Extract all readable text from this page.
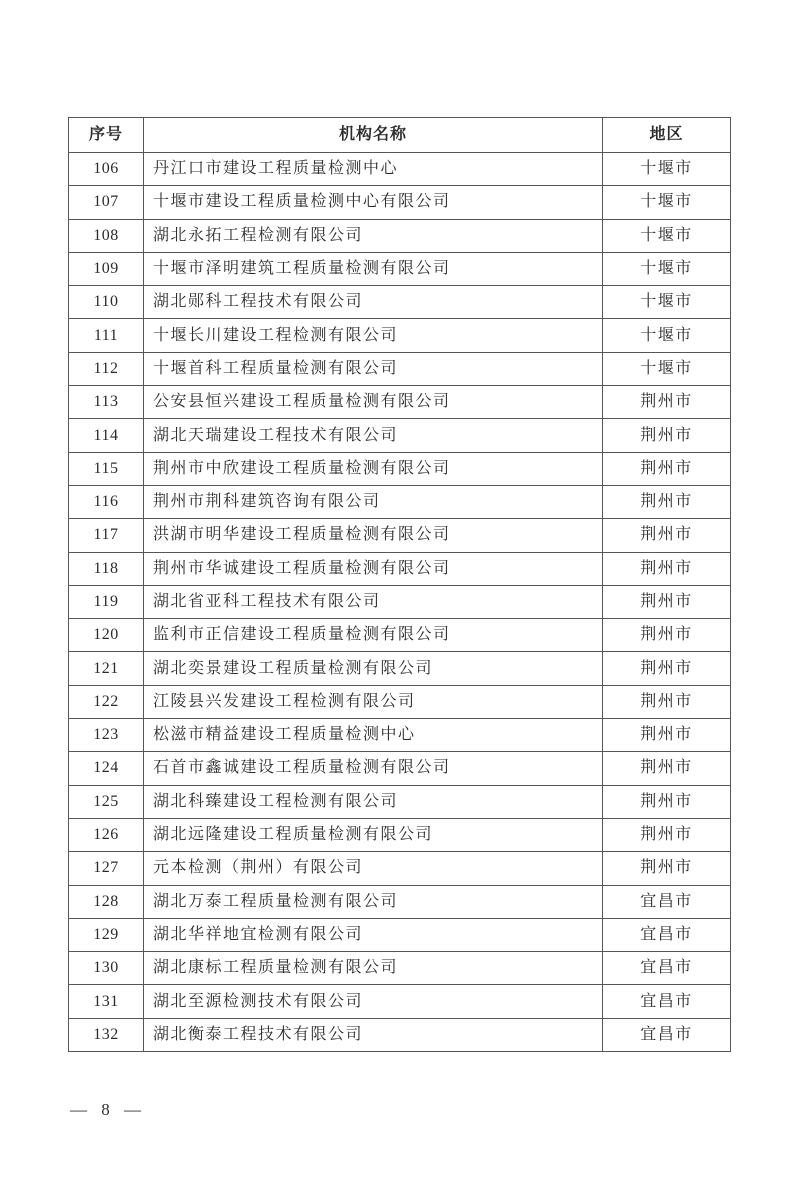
序号	机构名称	地区
106	丹江口市建设工程质量检测中心	十堰市
107	十堰市建设工程质量检测中心有限公司	十堰市
108	湖北永拓工程检测有限公司	十堰市
109	十堰市泽明建筑工程质量检测有限公司	十堰市
110	湖北郧科工程技术有限公司	十堰市
111	十堰长川建设工程检测有限公司	十堰市
112	十堰首科工程质量检测有限公司	十堰市
113	公安县恒兴建设工程质量检测有限公司	荆州市
114	湖北天瑞建设工程技术有限公司	荆州市
115	荆州市中欣建设工程质量检测有限公司	荆州市
116	荆州市荆科建筑咨询有限公司	荆州市
117	洪湖市明华建设工程质量检测有限公司	荆州市
118	荆州市华诚建设工程质量检测有限公司	荆州市
119	湖北省亚科工程技术有限公司	荆州市
120	监利市正信建设工程质量检测有限公司	荆州市
121	湖北奕景建设工程质量检测有限公司	荆州市
122	江陵县兴发建设工程检测有限公司	荆州市
123	松滋市精益建设工程质量检测中心	荆州市
124	石首市鑫诚建设工程质量检测有限公司	荆州市
125	湖北科臻建设工程检测有限公司	荆州市
126	湖北远隆建设工程质量检测有限公司	荆州市
127	元本检测（荆州）有限公司	荆州市
128	湖北万泰工程质量检测有限公司	宜昌市
129	湖北华祥地宜检测有限公司	宜昌市
130	湖北康标工程质量检测有限公司	宜昌市
131	湖北至源检测技术有限公司	宜昌市
132	湖北衡泰工程技术有限公司	宜昌市
— 8 —
